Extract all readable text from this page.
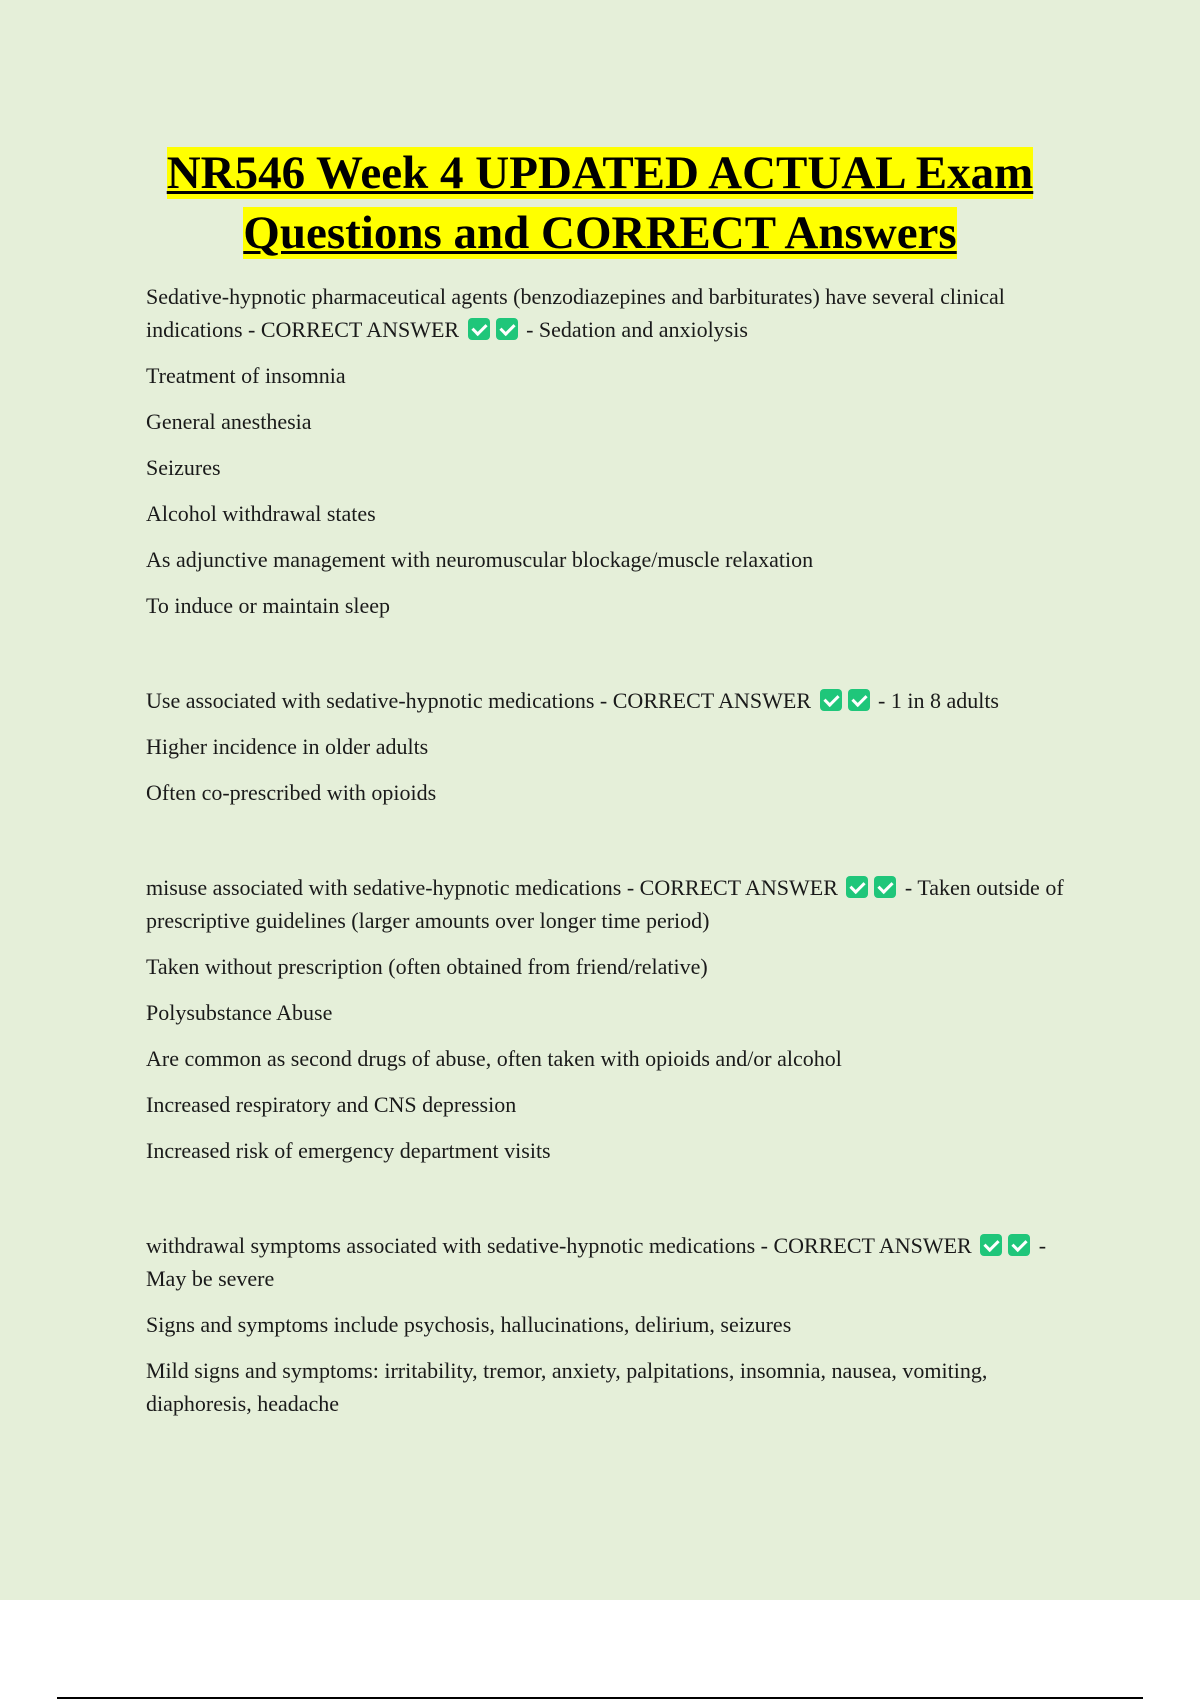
NR546 Week 4 UPDATED ACTUAL Exam
Questions and CORRECT Answers

Sedative-hypnotic pharmaceutical agents (benzodiazepines and barbiturates) have several clinical indications - CORRECT ANSWER	- Sedation and anxiolysis

Treatment of insomnia

General anesthesia

Seizures

Alcohol withdrawal states

As adjunctive management with neuromuscular blockage/muscle relaxation

To induce or maintain sleep

Use associated with sedative-hypnotic medications - CORRECT ANSWER	- 1 in 8 adults

Higher incidence in older adults

Often co-prescribed with opioids

misuse associated with sedative-hypnotic medications - CORRECT ANSWER	- Taken outside of prescriptive guidelines (larger amounts over longer time period)

Taken without prescription (often obtained from friend/relative)

Polysubstance Abuse

Are common as second drugs of abuse, often taken with opioids and/or alcohol

Increased respiratory and CNS depression

Increased risk of emergency department visits

withdrawal symptoms associated with sedative-hypnotic medications - CORRECT ANSWER	- May be severe

Signs and symptoms include psychosis, hallucinations, delirium, seizures

Mild signs and symptoms: irritability, tremor, anxiety, palpitations, insomnia, nausea, vomiting, diaphoresis, headache
